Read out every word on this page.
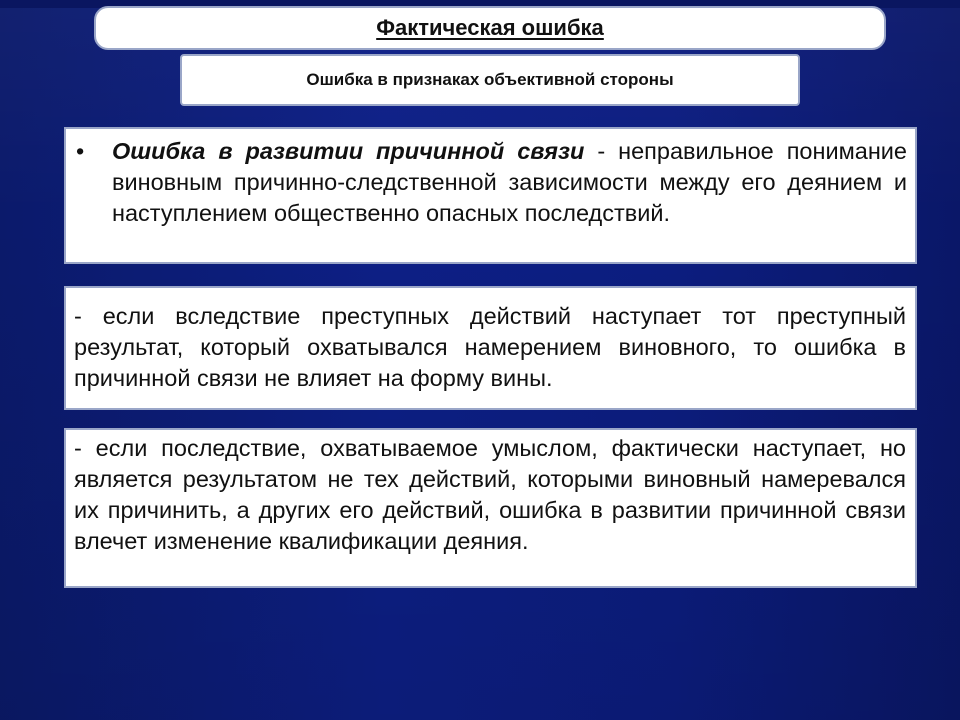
Фактическая ошибка
Ошибка в признаках объективной стороны
•	Ошибка в развитии причинной связи - неправильное понимание виновным причинно-следственной зависимости между его деянием и наступлением общественно опасных последствий.
- если вследствие преступных действий наступает тот преступный результат, который охватывался намерением виновного, то ошибка в причинной связи не влияет на форму вины.
- если последствие, охватываемое умыслом, фактически наступает, но является результатом не тех действий, которыми виновный намеревался их причинить, а других его действий, ошибка в развитии причинной связи влечет изменение квалификации деяния.
